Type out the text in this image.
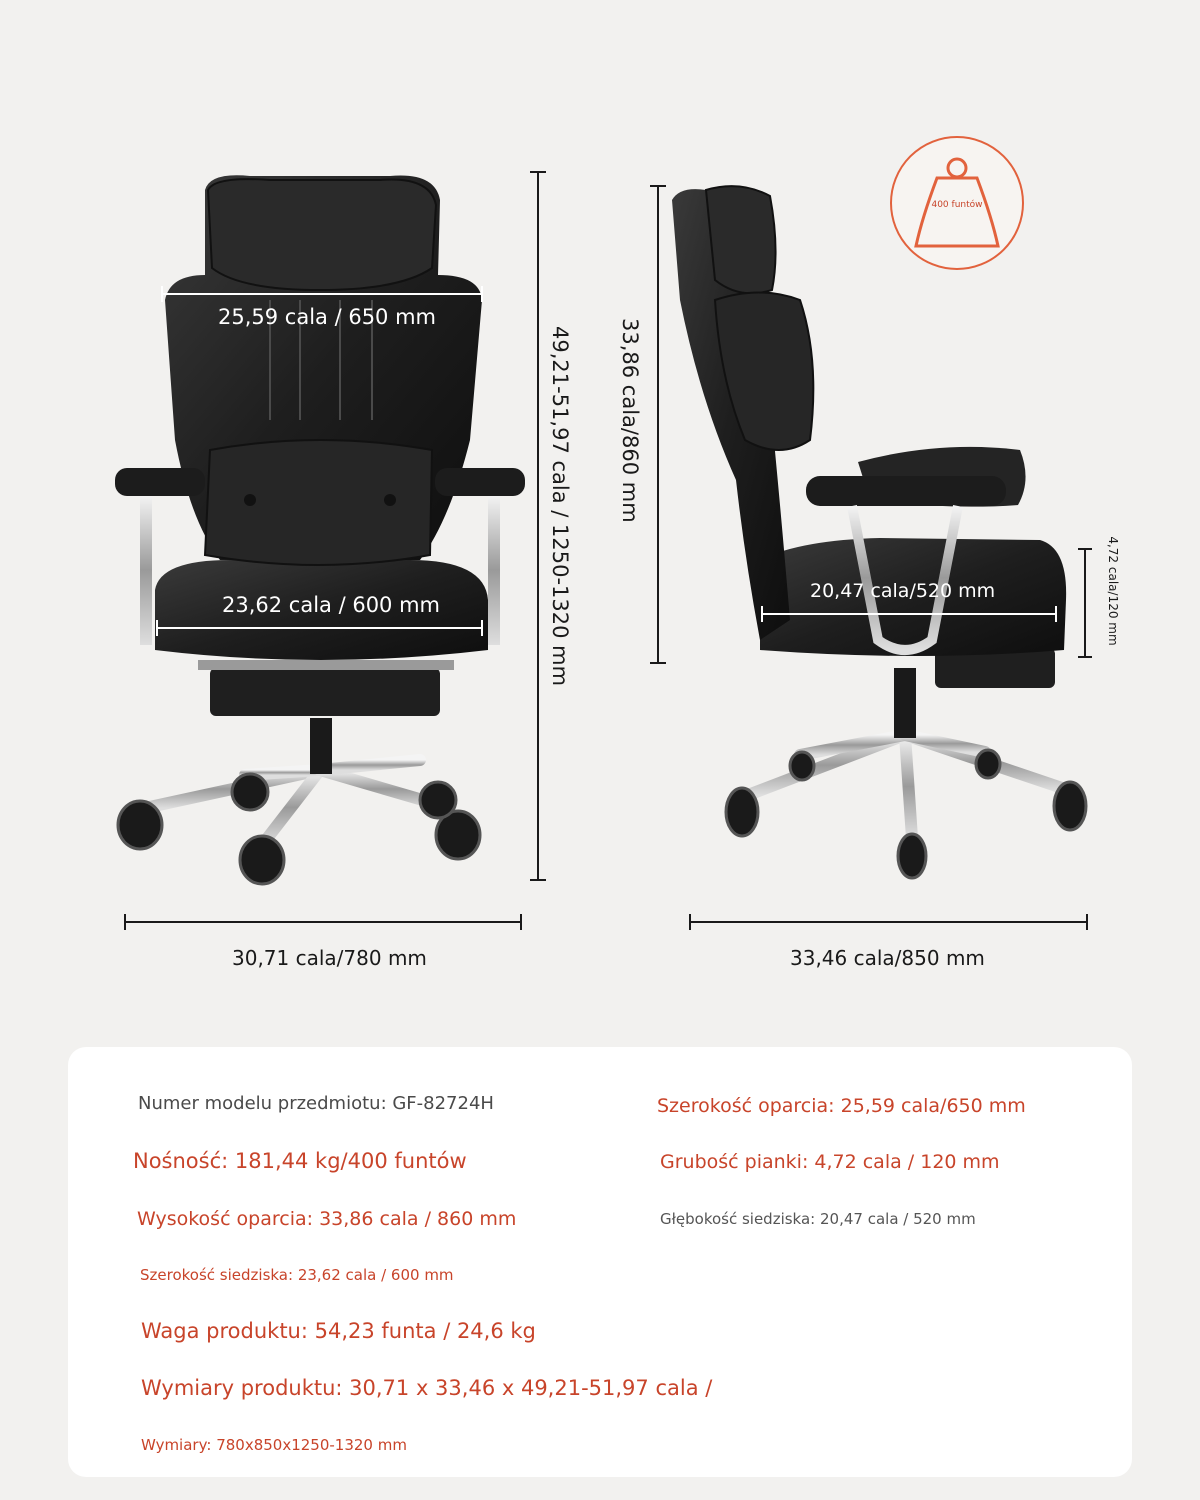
25,59 cala / 650 mm
23,62 cala / 600 mm	49,21-51,97 cala / 1250-1320 mm
30,71 cala/780 mm
33,86 cala/860 mm
20,47 cala/520 mm	4,72 cala/120 mm
33,46 cala/850 mm
400 funtów
Numer modelu przedmiotu: GF-82724H
Nośność: 181,44 kg/400 funtów
Wysokość oparcia: 33,86 cala / 860 mm
Szerokość siedziska: 23,62 cala / 600 mm
Waga produktu: 54,23 funta / 24,6 kg
Wymiary produktu: 30,71 x 33,46 x 49,21-51,97 cala /
Wymiary: 780x850x1250-1320 mm
Szerokość oparcia: 25,59 cala/650 mm
Grubość pianki: 4,72 cala / 120 mm
Głębokość siedziska: 20,47 cala / 520 mm
